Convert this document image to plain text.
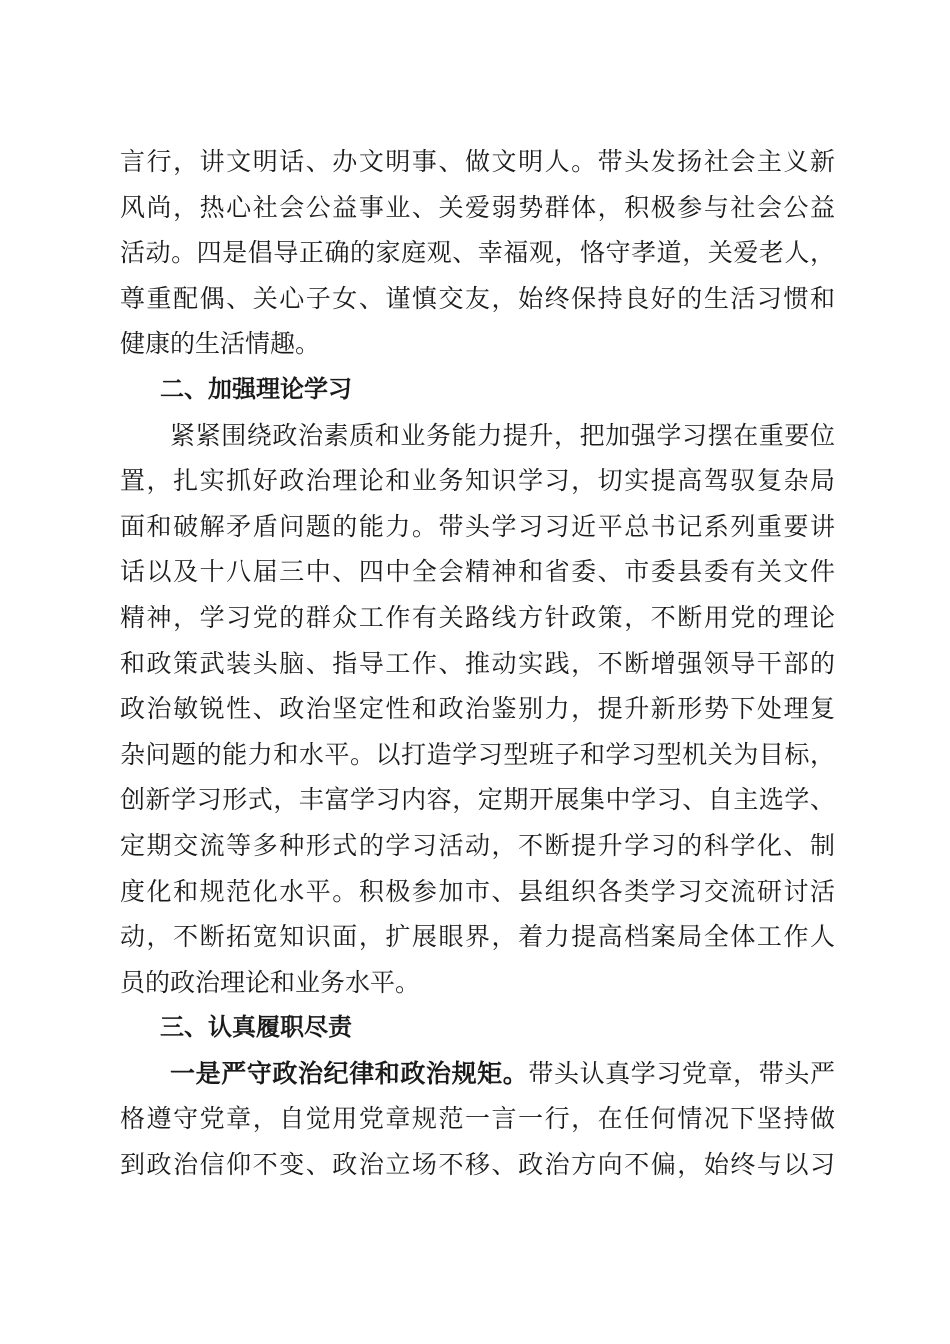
言行，讲文明话、办文明事、做文明人。带头发扬社会主义新
风尚，热心社会公益事业、关爱弱势群体，积极参与社会公益
活动。四是倡导正确的家庭观、幸福观，恪守孝道，关爱老人，
尊重配偶、关心子女、谨慎交友，始终保持良好的生活习惯和
健康的生活情趣。
二、加强理论学习
紧紧围绕政治素质和业务能力提升，把加强学习摆在重要位
置，扎实抓好政治理论和业务知识学习，切实提高驾驭复杂局
面和破解矛盾问题的能力。带头学习习近平总书记系列重要讲
话以及十八届三中、四中全会精神和省委、市委县委有关文件
精神，学习党的群众工作有关路线方针政策，不断用党的理论
和政策武装头脑、指导工作、推动实践，不断增强领导干部的
政治敏锐性、政治坚定性和政治鉴别力，提升新形势下处理复
杂问题的能力和水平。以打造学习型班子和学习型机关为目标，
创新学习形式，丰富学习内容，定期开展集中学习、自主选学、
定期交流等多种形式的学习活动，不断提升学习的科学化、制
度化和规范化水平。积极参加市、县组织各类学习交流研讨活
动，不断拓宽知识面，扩展眼界，着力提高档案局全体工作人
员的政治理论和业务水平。
三、认真履职尽责
一是严守政治纪律和政治规矩。带头认真学习党章，带头严
格遵守党章，自觉用党章规范一言一行，在任何情况下坚持做
到政治信仰不变、政治立场不移、政治方向不偏，始终与以习
